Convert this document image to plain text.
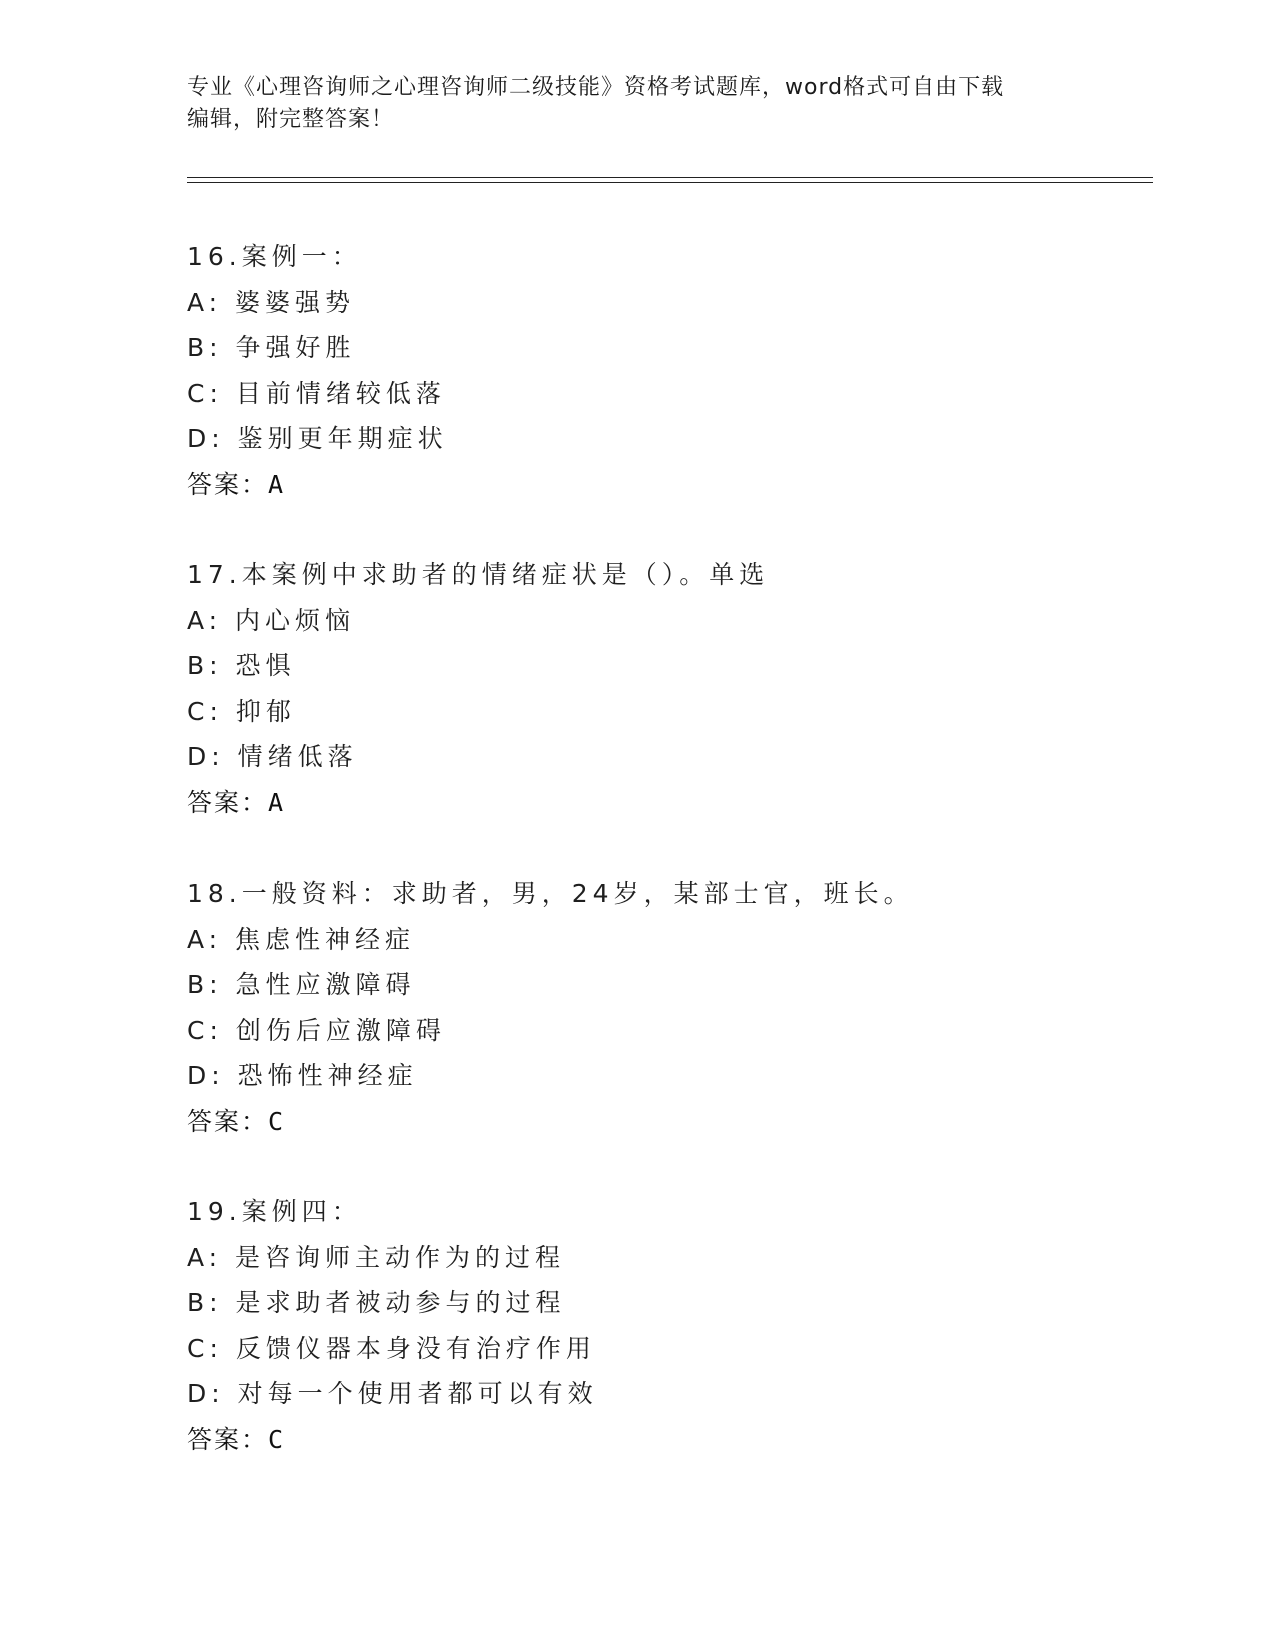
专业《心理咨询师之心理咨询师二级技能》资格考试题库，word格式可自由下载
编辑，附完整答案！
16.案例一：
A: 婆婆强势
B: 争强好胜
C: 目前情绪较低落
D: 鉴别更年期症状
答案：A
17.本案例中求助者的情绪症状是（）。单选
A: 内心烦恼
B: 恐惧
C: 抑郁
D: 情绪低落
答案：A
18.一般资料：求助者，男，24岁，某部士官，班长。
A: 焦虑性神经症
B: 急性应激障碍
C: 创伤后应激障碍
D: 恐怖性神经症
答案：C
19.案例四：
A: 是咨询师主动作为的过程
B: 是求助者被动参与的过程
C: 反馈仪器本身没有治疗作用
D: 对每一个使用者都可以有效
答案：C
